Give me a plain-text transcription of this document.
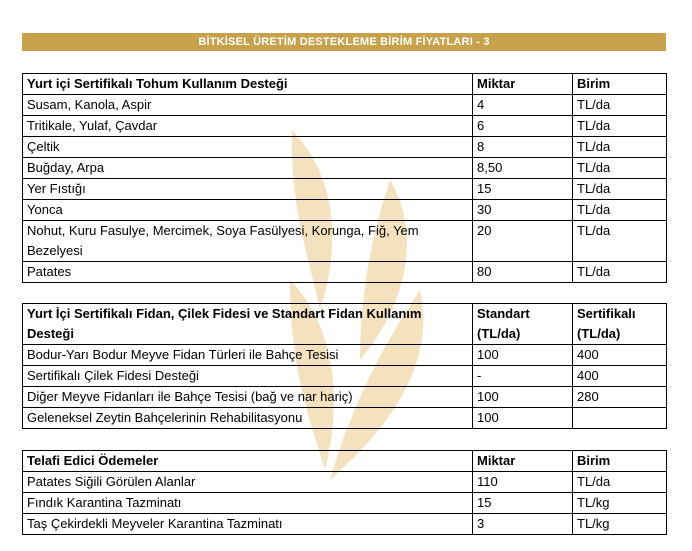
BİTKİSEL ÜRETİM DESTEKLEME BİRİM FİYATLARI - 3
Yurt içi Sertifikalı Tohum Kullanım Desteği	Miktar	Birim
Susam, Kanola, Aspir	4	TL/da
Tritikale, Yulaf, Çavdar	6	TL/da
Çeltik	8	TL/da
Buğday, Arpa	8,50	TL/da
Yer Fıstığı	15	TL/da
Yonca	30	TL/da
Nohut, Kuru Fasulye, Mercimek, Soya Fasülyesi, Korunga, Fiğ, Yem Bezelyesi	20	TL/da
Patates	80	TL/da
Yurt İçi Sertifikalı Fidan, Çilek Fidesi ve Standart Fidan Kullanım Desteği	Standart (TL/da)	Sertifikalı (TL/da)
Bodur-Yarı Bodur Meyve Fidan Türleri ile Bahçe Tesisi	100	400
Sertifikalı Çilek Fidesi Desteği	-	400
Diğer Meyve Fidanları ile Bahçe Tesisi (bağ ve nar hariç)	100	280
Geleneksel Zeytin Bahçelerinin Rehabilitasyonu	100	
Telafi Edici Ödemeler	Miktar	Birim
Patates Siğili Görülen Alanlar	110	TL/da
Fındık Karantina Tazminatı	15	TL/kg
Taş Çekirdekli Meyveler Karantina Tazminatı	3	TL/kg
